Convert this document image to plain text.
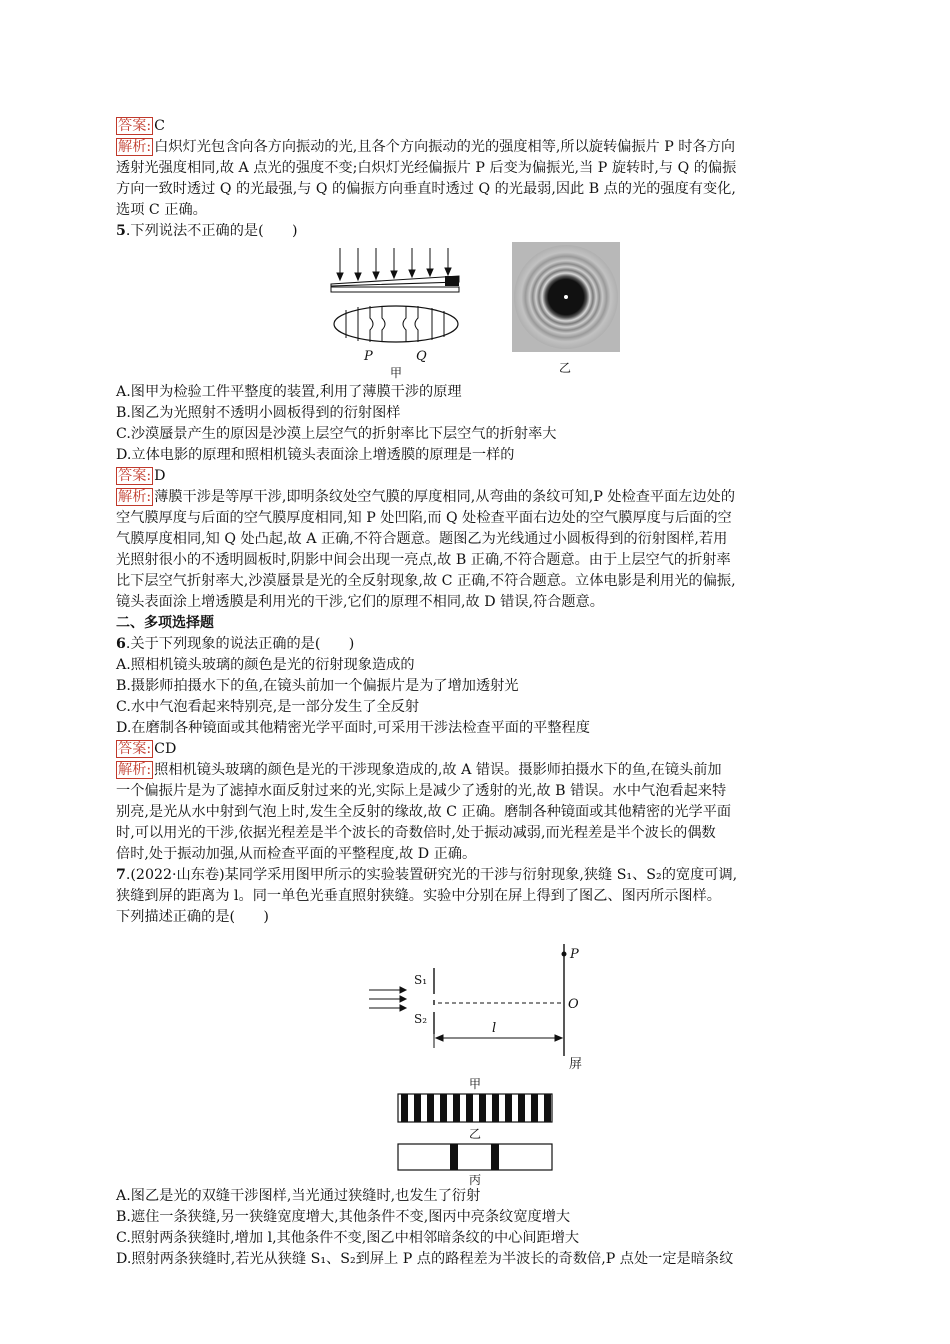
答案: C
解析: 白炽灯光包含向各方向振动的光,且各个方向振动的光的强度相等,所以旋转偏振片 P 时各方向
透射光强度相同,故 A 点光的强度不变;白炽灯光经偏振片 P 后变为偏振光,当 P 旋转时,与 Q 的偏振
方向一致时透过 Q 的光最强,与 Q 的偏振方向垂直时透过 Q 的光最弱,因此 B 点的光的强度有变化,
选项 C 正确。
5.下列说法不正确的是(　　)
P	Q
甲	乙
A.图甲为检验工件平整度的装置,利用了薄膜干涉的原理
B.图乙为光照射不透明小圆板得到的衍射图样
C.沙漠蜃景产生的原因是沙漠上层空气的折射率比下层空气的折射率大
D.立体电影的原理和照相机镜头表面涂上增透膜的原理是一样的
答案: D
解析: 薄膜干涉是等厚干涉,即明条纹处空气膜的厚度相同,从弯曲的条纹可知,P 处检查平面左边处的
空气膜厚度与后面的空气膜厚度相同,知 P 处凹陷,而 Q 处检查平面右边处的空气膜厚度与后面的空
气膜厚度相同,知 Q 处凸起,故 A 正确,不符合题意。题图乙为光线通过小圆板得到的衍射图样,若用
光照射很小的不透明圆板时,阴影中间会出现一亮点,故 B 正确,不符合题意。由于上层空气的折射率
比下层空气折射率大,沙漠蜃景是光的全反射现象,故 C 正确,不符合题意。立体电影是利用光的偏振,
镜头表面涂上增透膜是利用光的干涉,它们的原理不相同,故 D 错误,符合题意。
二、多项选择题
6.关于下列现象的说法正确的是(　　)
A.照相机镜头玻璃的颜色是光的衍射现象造成的
B.摄影师拍摄水下的鱼,在镜头前加一个偏振片是为了增加透射光
C.水中气泡看起来特别亮,是一部分发生了全反射
D.在磨制各种镜面或其他精密光学平面时,可采用干涉法检查平面的平整程度
答案: CD
解析: 照相机镜头玻璃的颜色是光的干涉现象造成的,故 A 错误。摄影师拍摄水下的鱼,在镜头前加
一个偏振片是为了滤掉水面反射过来的光,实际上是减少了透射的光,故 B 错误。水中气泡看起来特
别亮,是光从水中射到气泡上时,发生全反射的缘故,故 C 正确。磨制各种镜面或其他精密的光学平面
时,可以用光的干涉,依据光程差是半个波长的奇数倍时,处于振动减弱,而光程差是半个波长的偶数
倍时,处于振动加强,从而检查平面的平整程度,故 D 正确。
7.(2022·山东卷)某同学采用图甲所示的实验装置研究光的干涉与衍射现象,狭缝 S₁、S₂的宽度可调,
狭缝到屏的距离为 l。同一单色光垂直照射狭缝。实验中分别在屏上得到了图乙、图丙所示图样。
下列描述正确的是(　　)
S₁
S₂
P
O
l
屏
甲
乙
丙
A.图乙是光的双缝干涉图样,当光通过狭缝时,也发生了衍射
B.遮住一条狭缝,另一狭缝宽度增大,其他条件不变,图丙中亮条纹宽度增大
C.照射两条狭缝时,增加 l,其他条件不变,图乙中相邻暗条纹的中心间距增大
D.照射两条狭缝时,若光从狭缝 S₁、S₂到屏上 P 点的路程差为半波长的奇数倍,P 点处一定是暗条纹
